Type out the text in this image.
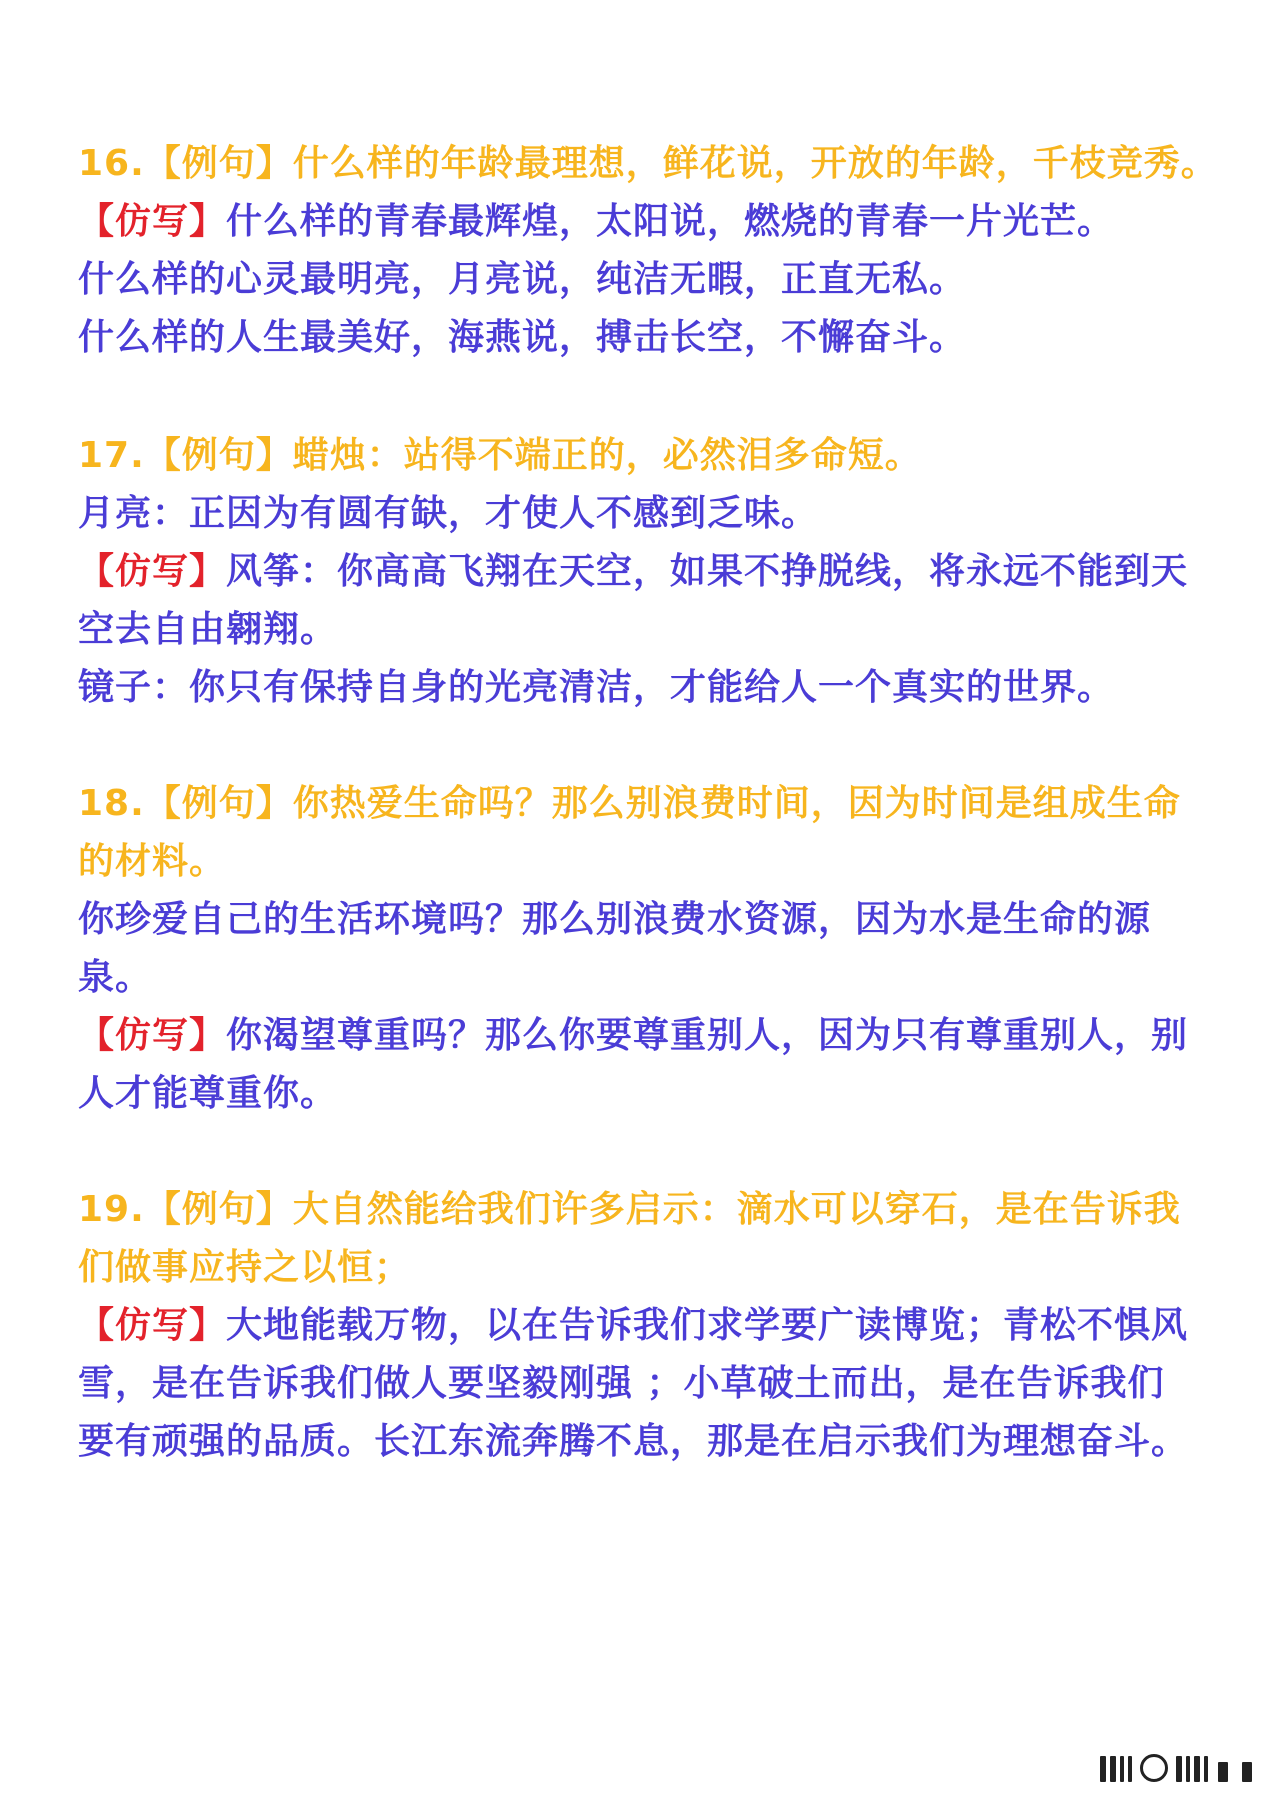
16.【例句】什么样的年龄最理想，鲜花说，开放的年龄，千枝竞秀。
【仿写】什么样的青春最辉煌，太阳说，燃烧的青春一片光芒。
什么样的心灵最明亮，月亮说，纯洁无暇，正直无私。
什么样的人生最美好，海燕说，搏击长空，不懈奋斗。
17.【例句】蜡烛：站得不端正的，必然泪多命短。
月亮：正因为有圆有缺，才使人不感到乏味。
【仿写】风筝：你高高飞翔在天空，如果不挣脱线，将永远不能到天
空去自由翱翔。
镜子：你只有保持自身的光亮清洁，才能给人一个真实的世界。
18.【例句】你热爱生命吗？那么别浪费时间，因为时间是组成生命
的材料。
你珍爱自己的生活环境吗？那么别浪费水资源，因为水是生命的源
泉。
【仿写】你渴望尊重吗？那么你要尊重别人，因为只有尊重别人，别
人才能尊重你。
19.【例句】大自然能给我们许多启示：滴水可以穿石，是在告诉我
们做事应持之以恒；
【仿写】大地能载万物，以在告诉我们求学要广读博览；青松不惧风
雪，是在告诉我们做人要坚毅刚强 ；小草破土而出，是在告诉我们
要有顽强的品质。长江东流奔腾不息，那是在启示我们为理想奋斗。
